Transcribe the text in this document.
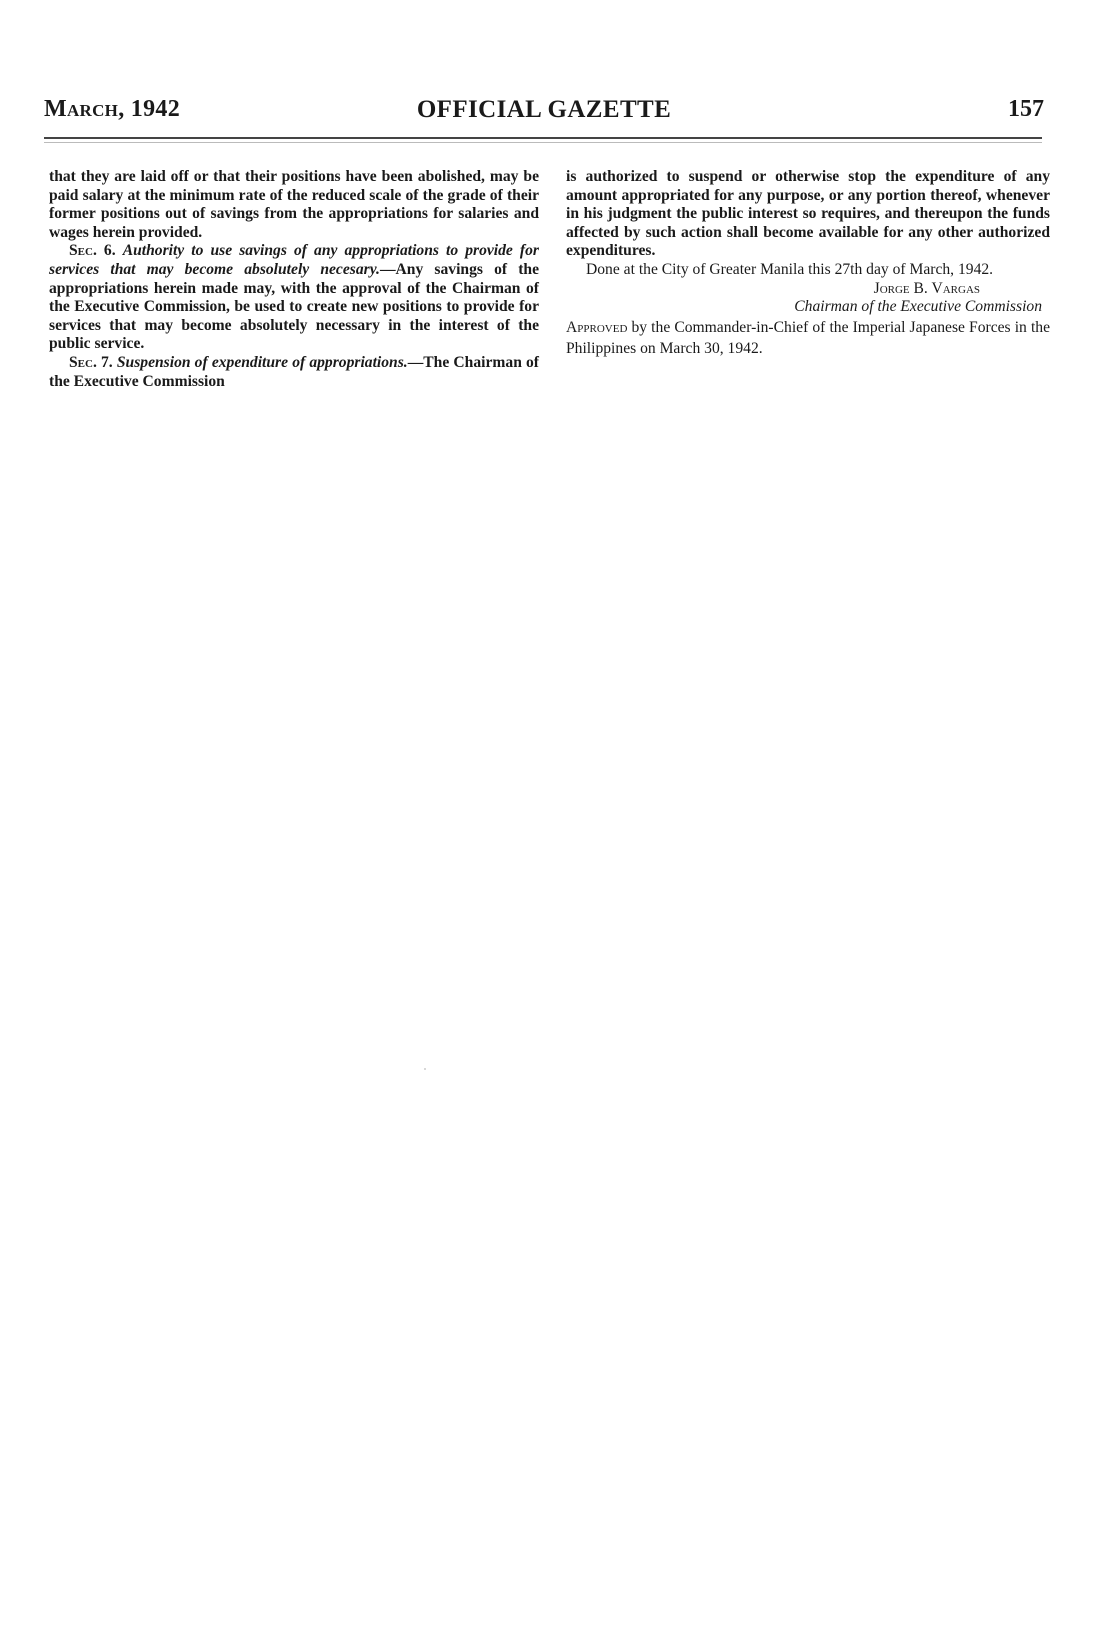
March, 1942	OFFICIAL GAZETTE	157

that they are laid off or that their positions have been abolished, may be paid salary at the minimum rate of the reduced scale of the grade of their former positions out of savings from the appropriations for salaries and wages herein provided.

Sec. 6. Authority to use savings of any appropriations to provide for services that may become absolutely necesary.—Any savings of the appropriations herein made may, with the approval of the Chairman of the Executive Commission, be used to create new positions to provide for services that may become absolutely necessary in the interest of the public service.

Sec. 7. Suspension of expenditure of appropriations.—The Chairman of the Executive Commission

is authorized to suspend or otherwise stop the expenditure of any amount appropriated for any purpose, or any portion thereof, whenever in his judgment the public interest so requires, and thereupon the funds affected by such action shall become available for any other authorized expenditures.

Done at the City of Greater Manila this 27th day of March, 1942.

Jorge B. Vargas

Chairman of the Executive Commission

Approved by the Commander-in-Chief of the Imperial Japanese Forces in the Philippines on March 30, 1942.
